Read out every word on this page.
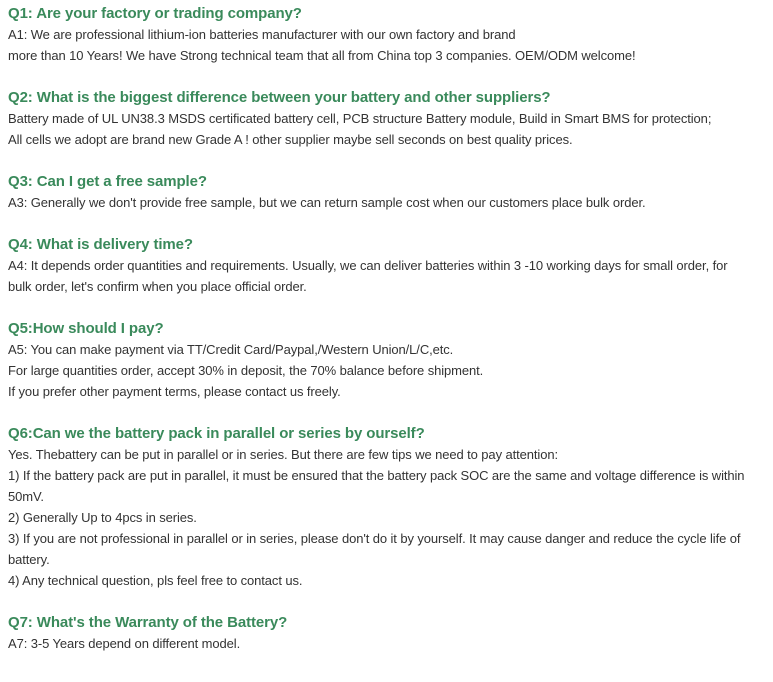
Q1: Are your factory or trading company?
A1: We are professional lithium-ion batteries manufacturer with our own factory and brand
more than 10 Years! We have Strong technical team that all from China top 3 companies. OEM/ODM welcome!
Q2: What is the biggest difference between your battery and other suppliers?
Battery made of UL UN38.3 MSDS certificated battery cell, PCB structure Battery module, Build in Smart BMS for protection;
All cells we adopt are brand new Grade A ! other supplier maybe sell seconds on best quality prices.
Q3: Can I get a free sample?
A3: Generally we don't provide free sample, but we can return sample cost when our customers place bulk order.
Q4: What is delivery time?
A4: It depends order quantities and requirements. Usually, we can deliver batteries within 3 -10 working days for small order, for bulk order, let's confirm when you place official order.
Q5:How should I pay?
A5: You can make payment via TT/Credit Card/Paypal,/Western Union/L/C,etc.
For large quantities order, accept 30% in deposit, the 70% balance before shipment.
If you prefer other payment terms, please contact us freely.
Q6:Can we the battery pack in parallel or series by ourself?
Yes. Thebattery can be put in parallel or in series. But there are few tips we need to pay attention:
1) If the battery pack are put in parallel, it must be ensured that the battery pack SOC are the same and voltage difference is within 50mV.
2) Generally Up to 4pcs in series.
3) If you are not professional in parallel or in series, please don't do it by yourself. It may cause danger and reduce the cycle life of battery.
4) Any technical question, pls feel free to contact us.
Q7: What's the Warranty of the Battery?
A7: 3-5 Years depend on different model.
